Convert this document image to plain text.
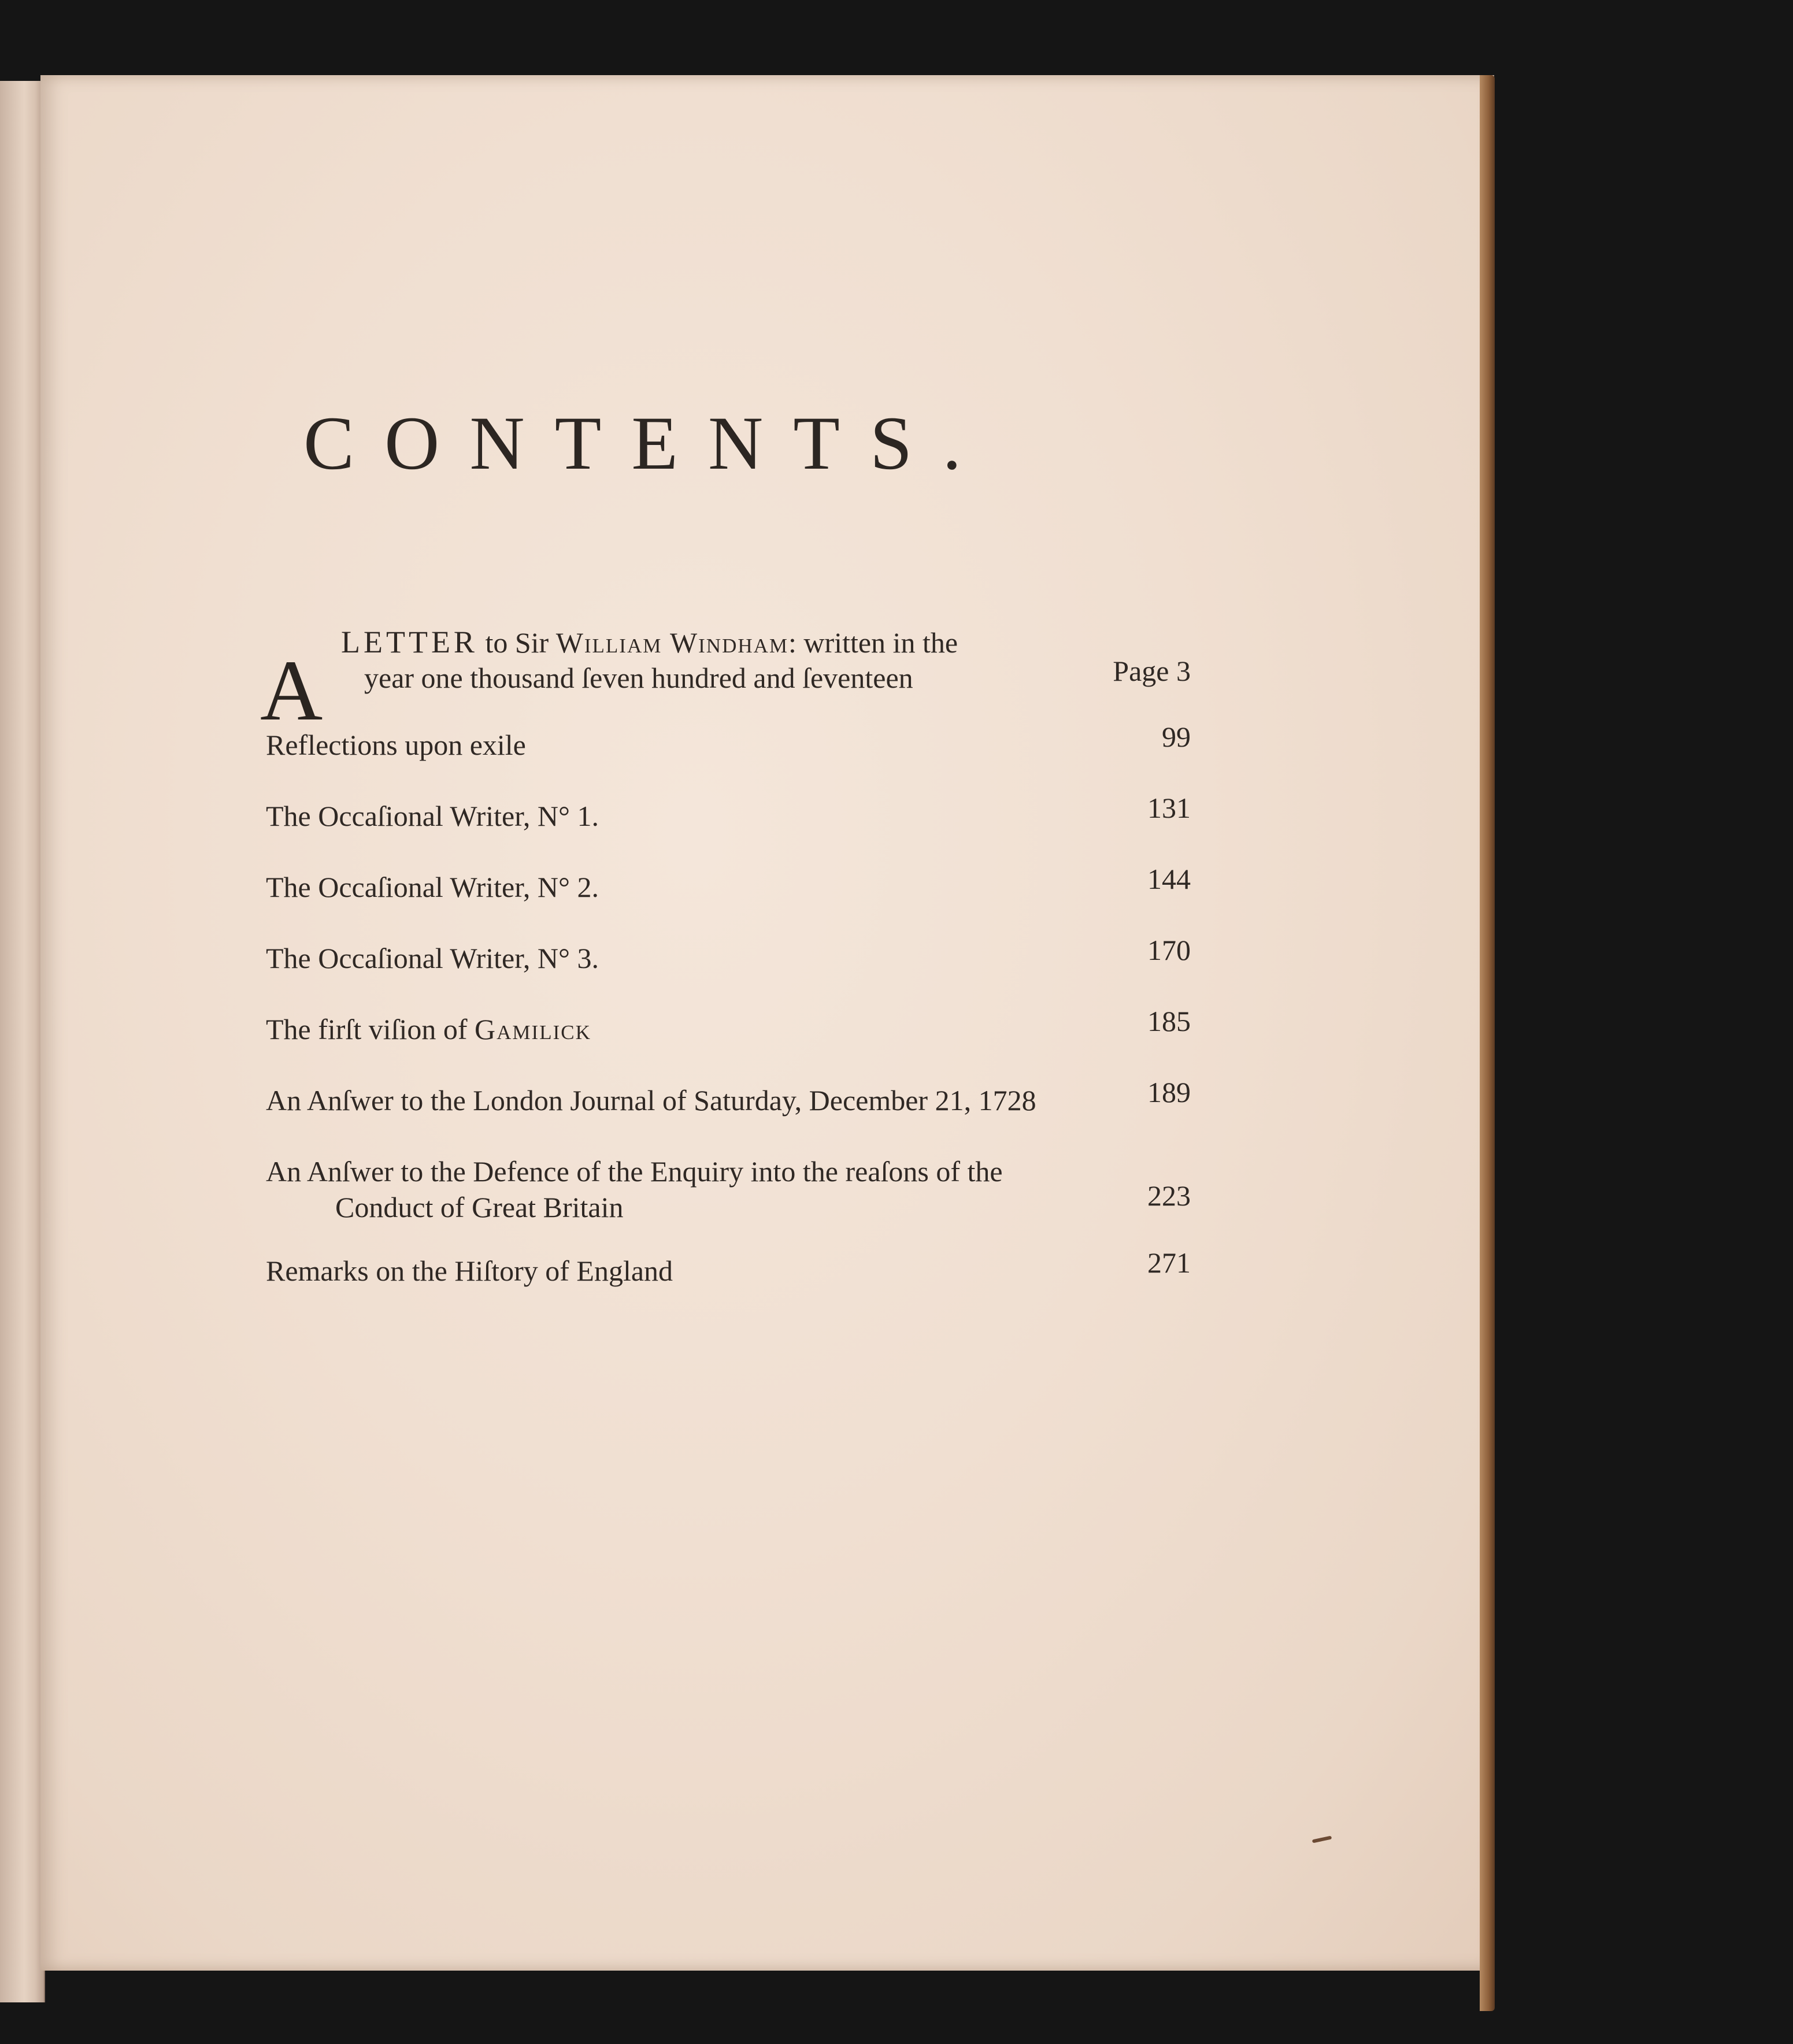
CONTENTS.
A
LETTER to Sir William Windham: written in the
year one thousand ſeven hundred and ſeventeen	Page 3
Reflections upon exile	99
The Occaſional Writer, N° 1.	131
The Occaſional Writer, N° 2.	144
The Occaſional Writer, N° 3.	170
The firſt viſion of Gamilick	185
An Anſwer to the London Journal of Saturday, December 21, 1728	189
An Anſwer to the Defence of the Enquiry into the reaſons of the
Conduct of Great Britain	223
Remarks on the Hiſtory of England	271
